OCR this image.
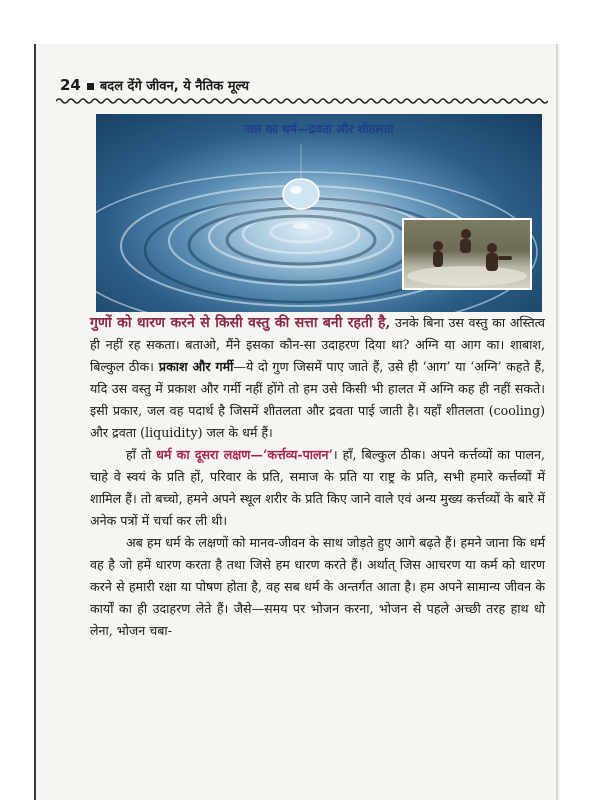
24 बदल देंगे जीवन, ये नैतिक मूल्य
जल का धर्म—द्रवता और शीतलता

गुणों को धारण करने से किसी वस्तु की सत्ता बनी रहती है, उनके बिना उस वस्तु का अस्तित्व ही नहीं रह सकता। बताओ, मैंने इसका कौन-सा उदाहरण दिया था? अग्नि या आग का। शाबाश, बिल्कुल ठीक। प्रकाश और गर्मी—ये दो गुण जिसमें पाए जाते हैं, उसे ही ‘आग’ या ‘अग्नि’ कहते हैं, यदि उस वस्तु में प्रकाश और गर्मी नहीं होंगे तो हम उसे किसी भी हालत में अग्नि कह ही नहीं सकते। इसी प्रकार, जल वह पदार्थ है जिसमें शीतलता और द्रवता पाई जाती है। यहाँ शीतलता (cooling) और द्रवता (liquidity) जल के धर्म हैं।

हाँ तो धर्म का दूसरा लक्षण—‘कर्त्तव्य-पालन’। हाँ, बिल्कुल ठीक। अपने कर्त्तव्यों का पालन, चाहे वे स्वयं के प्रति हों, परिवार के प्रति, समाज के प्रति या राष्ट्र के प्रति, सभी हमारे कर्त्तव्यों में शामिल हैं। तो बच्चो, हमने अपने स्थूल शरीर के प्रति किए जाने वाले एवं अन्य मुख्य कर्त्तव्यों के बारे में अनेक पत्रों में चर्चा कर ली थी।

अब हम धर्म के लक्षणों को मानव-जीवन के साथ जोड़ते हुए आगे बढ़ते हैं। हमने जाना कि धर्म वह है जो हमें धारण करता है तथा जिसे हम धारण करते हैं। अर्थात् जिस आचरण या कर्म को धारण करने से हमारी रक्षा या पोषण होता है, वह सब धर्म के अन्तर्गत आता है। हम अपने सामान्य जीवन के कार्यों का ही उदाहरण लेते हैं। जैसे—समय पर भोजन करना, भोजन से पहले अच्छी तरह हाथ धो लेना, भोजन चबा-
